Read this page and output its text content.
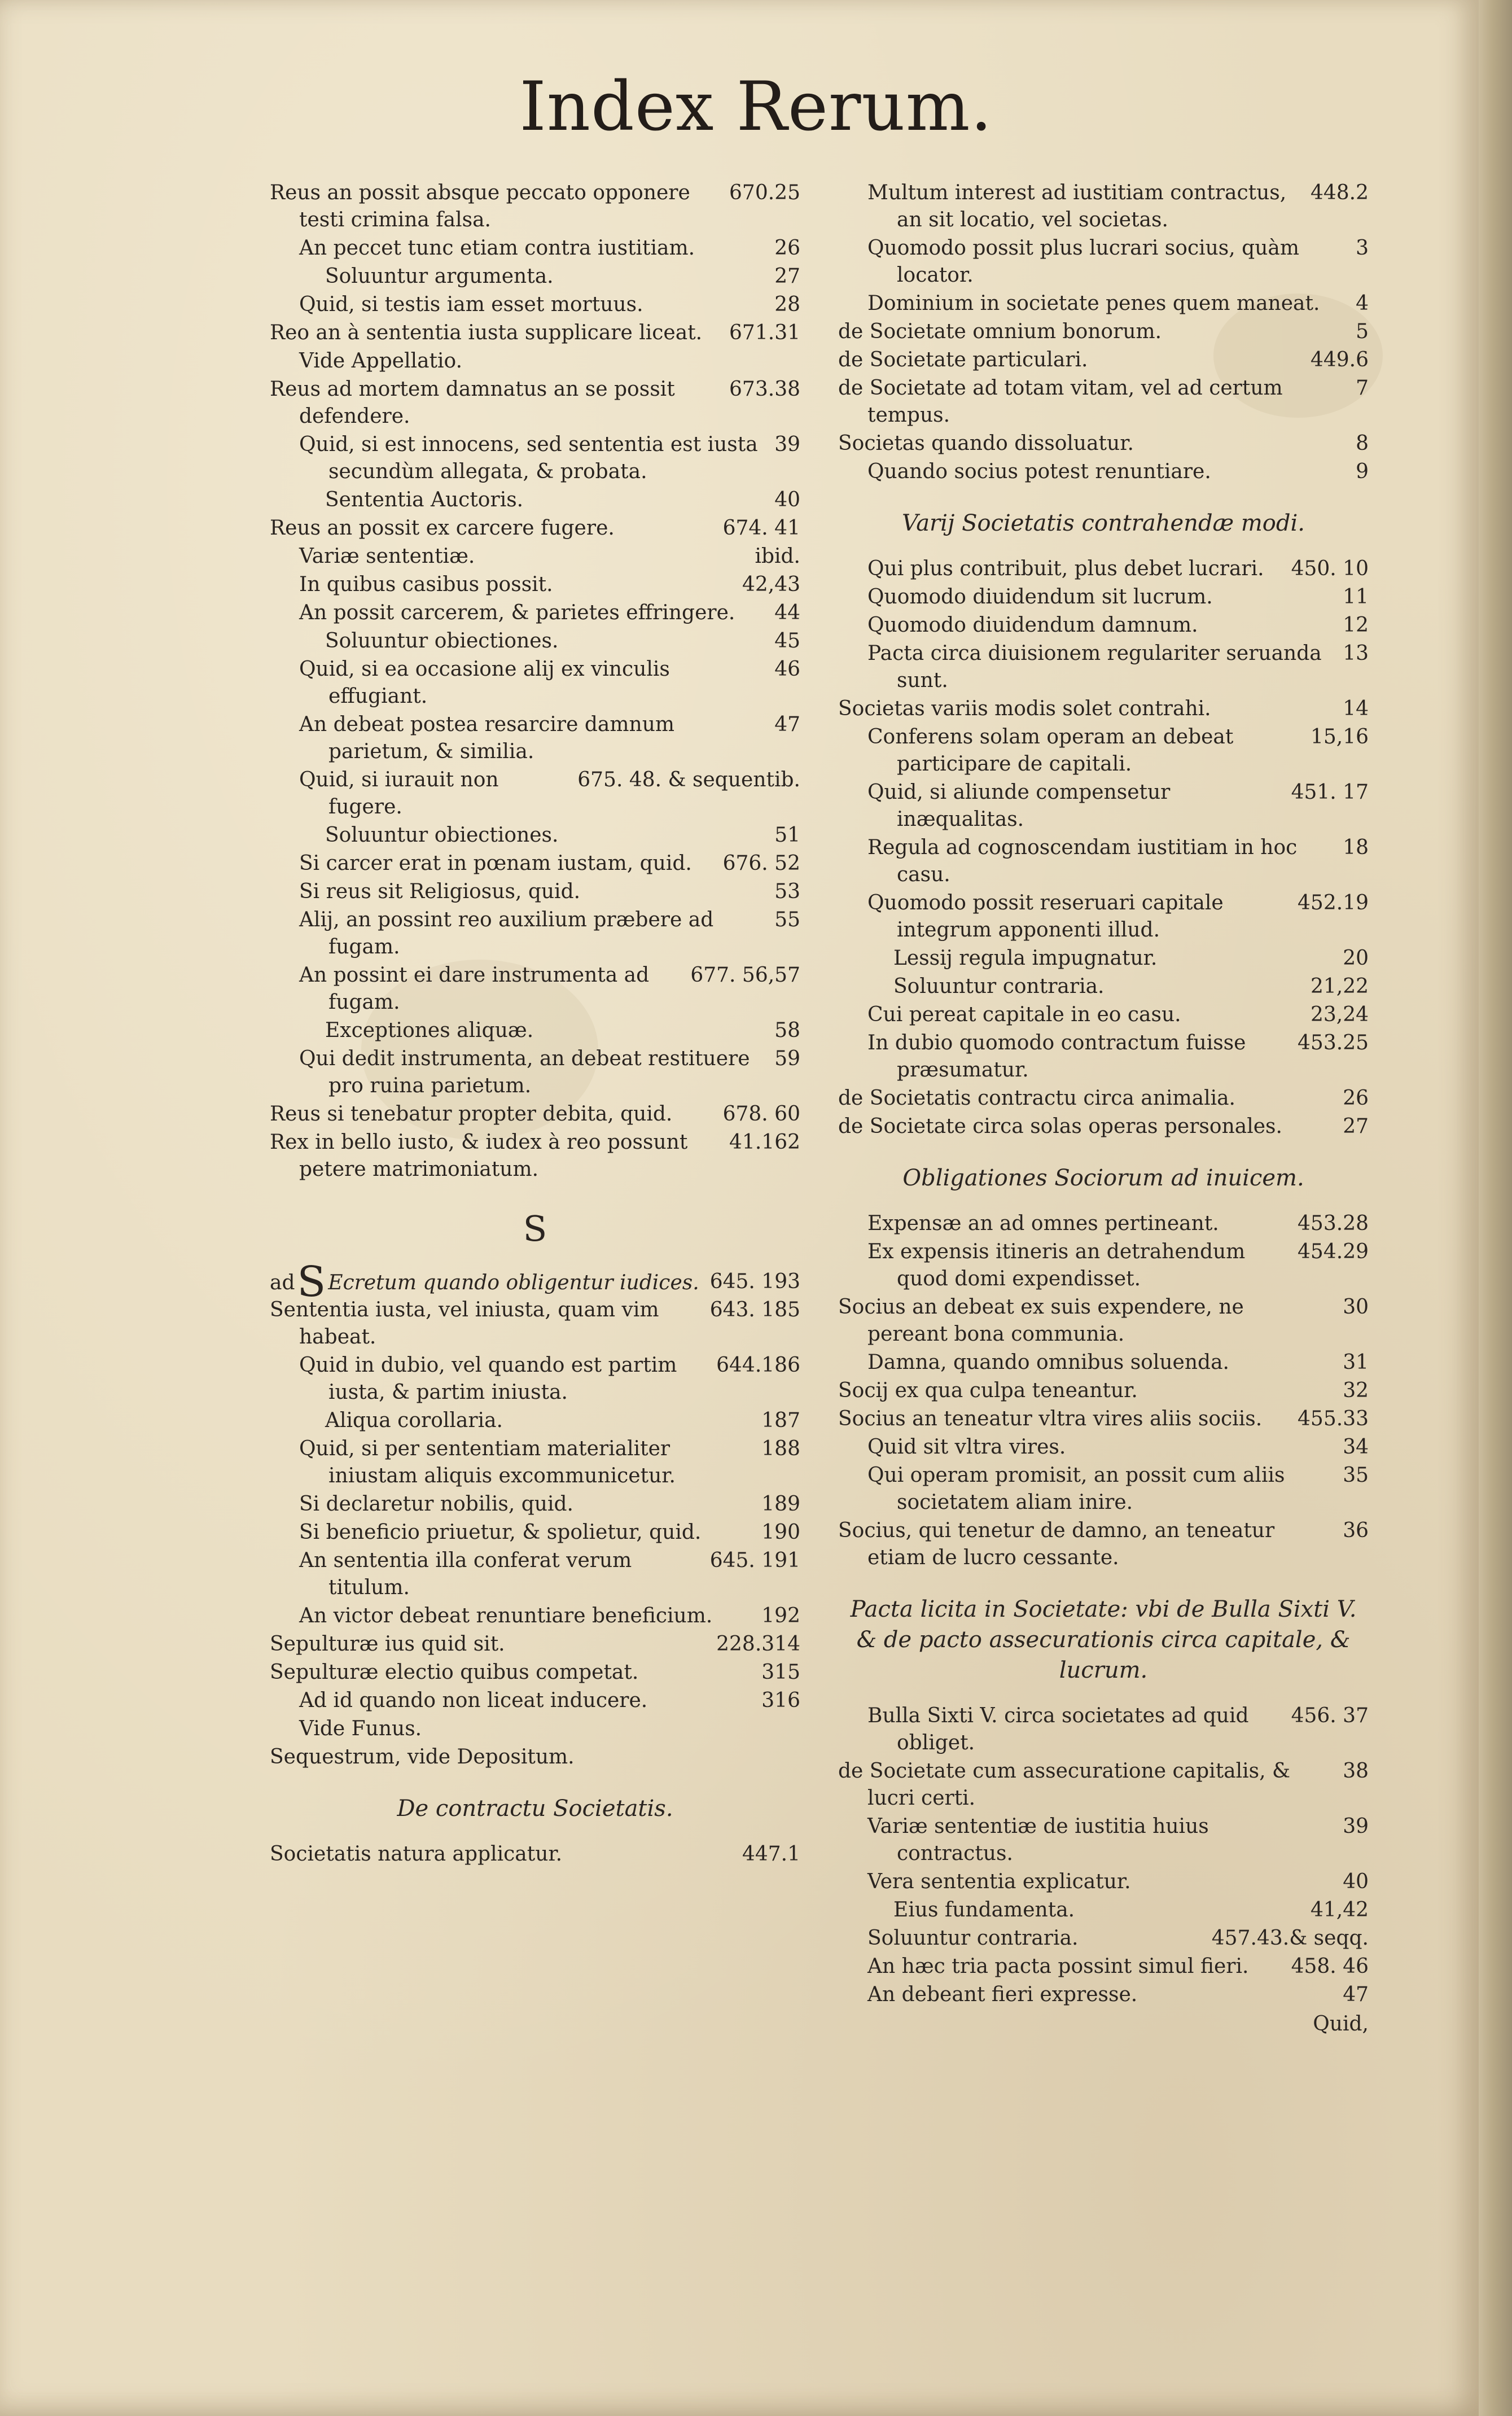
Index Rerum.
670.25
Reus an possit absque peccato opponere testi crimina falsa.
26
An peccet tunc etiam contra iustitiam.
27
Soluuntur argumenta.
28
Quid, si testis iam esset mortuus.
671.31
Reo an à sententia iusta supplicare liceat.
Vide Appellatio.
673.38
Reus ad mortem damnatus an se possit defendere.
39
Quid, si est innocens, sed sententia est iusta secundùm allegata, & probata.
40
Sententia Auctoris.
674. 41
Reus an possit ex carcere fugere.
ibid.
Variæ sententiæ.
42,43
In quibus casibus possit.
44
An possit carcerem, & parietes effringere.
45
Soluuntur obiectiones.
46
Quid, si ea occasione alij ex vinculis effugiant.
47
An debeat postea resarcire damnum parietum, & similia.
675. 48. & sequentib.
Quid, si iurauit non fugere.
51
Soluuntur obiectiones.
676. 52
Si carcer erat in pœnam iustam, quid.
53
Si reus sit Religiosus, quid.
55
Alij, an possint reo auxilium præbere ad fugam.
677. 56,57
An possint ei dare instrumenta ad fugam.
58
Exceptiones aliquæ.
59
Qui dedit instrumenta, an debeat restituere pro ruina parietum.
678. 60
Reus si tenebatur propter debita, quid.
41.162
Rex in bello iusto, & iudex à reo possunt petere matrimoniatum.
S
645. 193
adS Ecretum quando obligentur iudices.
643. 185
Sententia iusta, vel iniusta, quam vim habeat.
644.186
Quid in dubio, vel quando est partim iusta, & partim iniusta.
187
Aliqua corollaria.
188
Quid, si per sententiam materialiter iniustam aliquis excommunicetur.
189
Si declaretur nobilis, quid.
190
Si beneficio priuetur, & spolietur, quid.
645. 191
An sententia illa conferat verum titulum.
192
An victor debeat renuntiare beneficium.
228.314
Sepulturæ ius quid sit.
315
Sepulturæ electio quibus competat.
316
Ad id quando non liceat inducere.
Vide Funus.
Sequestrum, vide Depositum.
De contractu Societatis.
447.1
Societatis natura applicatur.
448.2
Multum interest ad iustitiam contractus, an sit locatio, vel societas.
3
Quomodo possit plus lucrari socius, quàm locator.
4
Dominium in societate penes quem maneat.
5
de Societate omnium bonorum.
449.6
de Societate particulari.
7
de Societate ad totam vitam, vel ad certum tempus.
8
Societas quando dissoluatur.
9
Quando socius potest renuntiare.
Varij Societatis contrahendæ modi.
450. 10
Qui plus contribuit, plus debet lucrari.
11
Quomodo diuidendum sit lucrum.
12
Quomodo diuidendum damnum.
13
Pacta circa diuisionem regulariter seruanda sunt.
14
Societas variis modis solet contrahi.
15,16
Conferens solam operam an debeat participare de capitali.
451. 17
Quid, si aliunde compensetur inæqualitas.
18
Regula ad cognoscendam iustitiam in hoc casu.
452.19
Quomodo possit reseruari capitale integrum apponenti illud.
20
Lessij regula impugnatur.
21,22
Soluuntur contraria.
23,24
Cui pereat capitale in eo casu.
453.25
In dubio quomodo contractum fuisse præsumatur.
26
de Societatis contractu circa animalia.
27
de Societate circa solas operas personales.
Obligationes Sociorum ad inuicem.
453.28
Expensæ an ad omnes pertineant.
454.29
Ex expensis itineris an detrahendum quod domi expendisset.
30
Socius an debeat ex suis expendere, ne pereant bona communia.
31
Damna, quando omnibus soluenda.
32
Socij ex qua culpa teneantur.
455.33
Socius an teneatur vltra vires aliis sociis.
34
Quid sit vltra vires.
35
Qui operam promisit, an possit cum aliis societatem aliam inire.
36
Socius, qui tenetur de damno, an teneatur etiam de lucro cessante.
Pacta licita in Societate: vbi de Bulla Sixti V. & de pacto assecurationis circa capitale, & lucrum.
456. 37
Bulla Sixti V. circa societates ad quid obliget.
38
de Societate cum assecuratione capitalis, & lucri certi.
39
Variæ sententiæ de iustitia huius contractus.
40
Vera sententia explicatur.
41,42
Eius fundamenta.
457.43.& seqq.
Soluuntur contraria.
458. 46
An hæc tria pacta possint simul fieri.
47
An debeant fieri expresse.
Quid,
